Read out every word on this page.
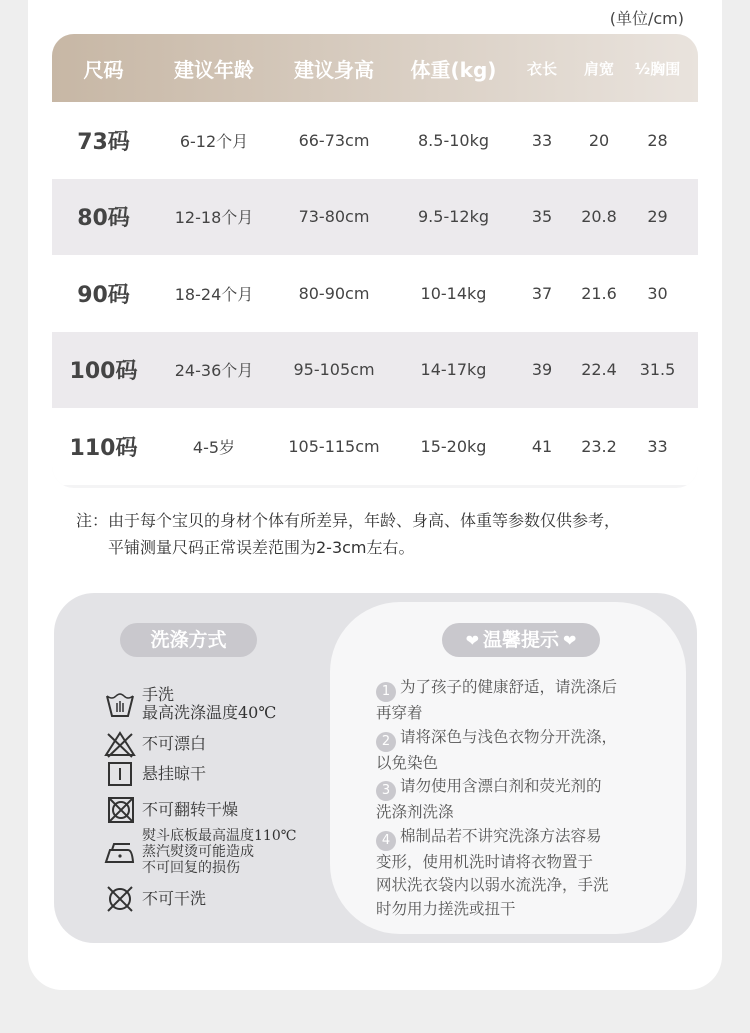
(单位/cm)
尺码	建议年龄	建议身高	体重(kg)	衣长	肩宽	½胸围
73码	6-12个月	66-73cm	8.5-10kg	33	20	28
80码	12-18个月	73-80cm	9.5-12kg	35	20.8	29
90码	18-24个月	80-90cm	10-14kg	37	21.6	30
100码	24-36个月	95-105cm	14-17kg	39	22.4	31.5
110码	4-5岁	105-115cm	15-20kg	41	23.2	33
注：由于每个宝贝的身材个体有所差异，年龄、身高、体重等参数仅供参考，
平铺测量尺码正常误差范围为2-3cm左右。
洗涤方式	❤ 温馨提示 ❤
手洗
最高洗涤温度40℃
不可漂白
悬挂晾干
不可翻转干燥
熨斗底板最高温度110℃
蒸汽熨烫可能造成
不可回复的损伤
不可干洗
1 为了孩子的健康舒适，请洗涤后
再穿着
2 请将深色与浅色衣物分开洗涤，
以免染色
3 请勿使用含漂白剂和荧光剂的
洗涤剂洗涤
4 棉制品若不讲究洗涤方法容易
变形，使用机洗时请将衣物置于
网状洗衣袋内以弱水流洗净，手洗
时勿用力搓洗或扭干
